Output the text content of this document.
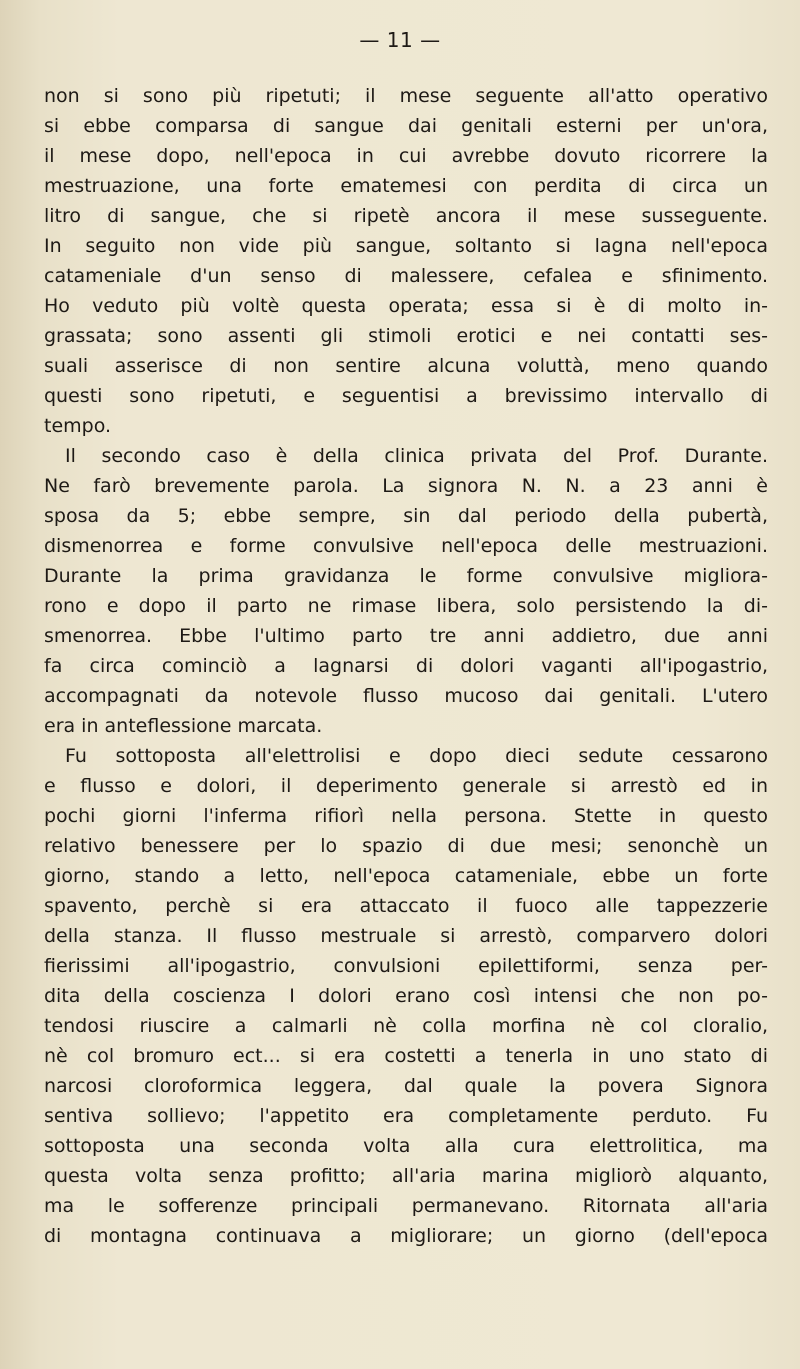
— 11 —

non si sono più ripetuti; il mese seguente all'atto operativo
si ebbe comparsa di sangue dai genitali esterni per un'ora,
il mese dopo, nell'epoca in cui avrebbe dovuto ricorrere la
mestruazione, una forte ematemesi con perdita di circa un
litro di sangue, che si ripetè ancora il mese susseguente.
In seguito non vide più sangue, soltanto si lagna nell'epoca
catameniale d'un senso di malessere, cefalea e sfinimento.
Ho veduto più voltè questa operata; essa si è di molto in-
grassata; sono assenti gli stimoli erotici e nei contatti ses-
suali asserisce di non sentire alcuna voluttà, meno quando
questi sono ripetuti, e seguentisi a brevissimo intervallo di
tempo.

Il secondo caso è della clinica privata del Prof. Durante.
Ne farò brevemente parola. La signora N. N. a 23 anni è
sposa da 5; ebbe sempre, sin dal periodo della pubertà,
dismenorrea e forme convulsive nell'epoca delle mestruazioni.
Durante la prima gravidanza le forme convulsive migliora-
rono e dopo il parto ne rimase libera, solo persistendo la di-
smenorrea. Ebbe l'ultimo parto tre anni addietro, due anni
fa circa cominciò a lagnarsi di dolori vaganti all'ipogastrio,
accompagnati da notevole flusso mucoso dai genitali. L'utero
era in anteflessione marcata.

Fu sottoposta all'elettrolisi e dopo dieci sedute cessarono
e flusso e dolori, il deperimento generale si arrestò ed in
pochi giorni l'inferma rifiorì nella persona. Stette in questo
relativo benessere per lo spazio di due mesi; senonchè un
giorno, stando a letto, nell'epoca catameniale, ebbe un forte
spavento, perchè si era attaccato il fuoco alle tappezzerie
della stanza. Il flusso mestruale si arrestò, comparvero dolori
fierissimi all'ipogastrio, convulsioni epilettiformi, senza per-
dita della coscienza I dolori erano così intensi che non po-
tendosi riuscire a calmarli nè colla morfina nè col cloralio,
nè col bromuro ect... si era costetti a tenerla in uno stato di
narcosi cloroformica leggera, dal quale la povera Signora
sentiva sollievo; l'appetito era completamente perduto. Fu
sottoposta una seconda volta alla cura elettrolitica, ma
questa volta senza profitto; all'aria marina migliorò alquanto,
ma le sofferenze principali permanevano. Ritornata all'aria
di montagna continuava a migliorare; un giorno (dell'epoca
